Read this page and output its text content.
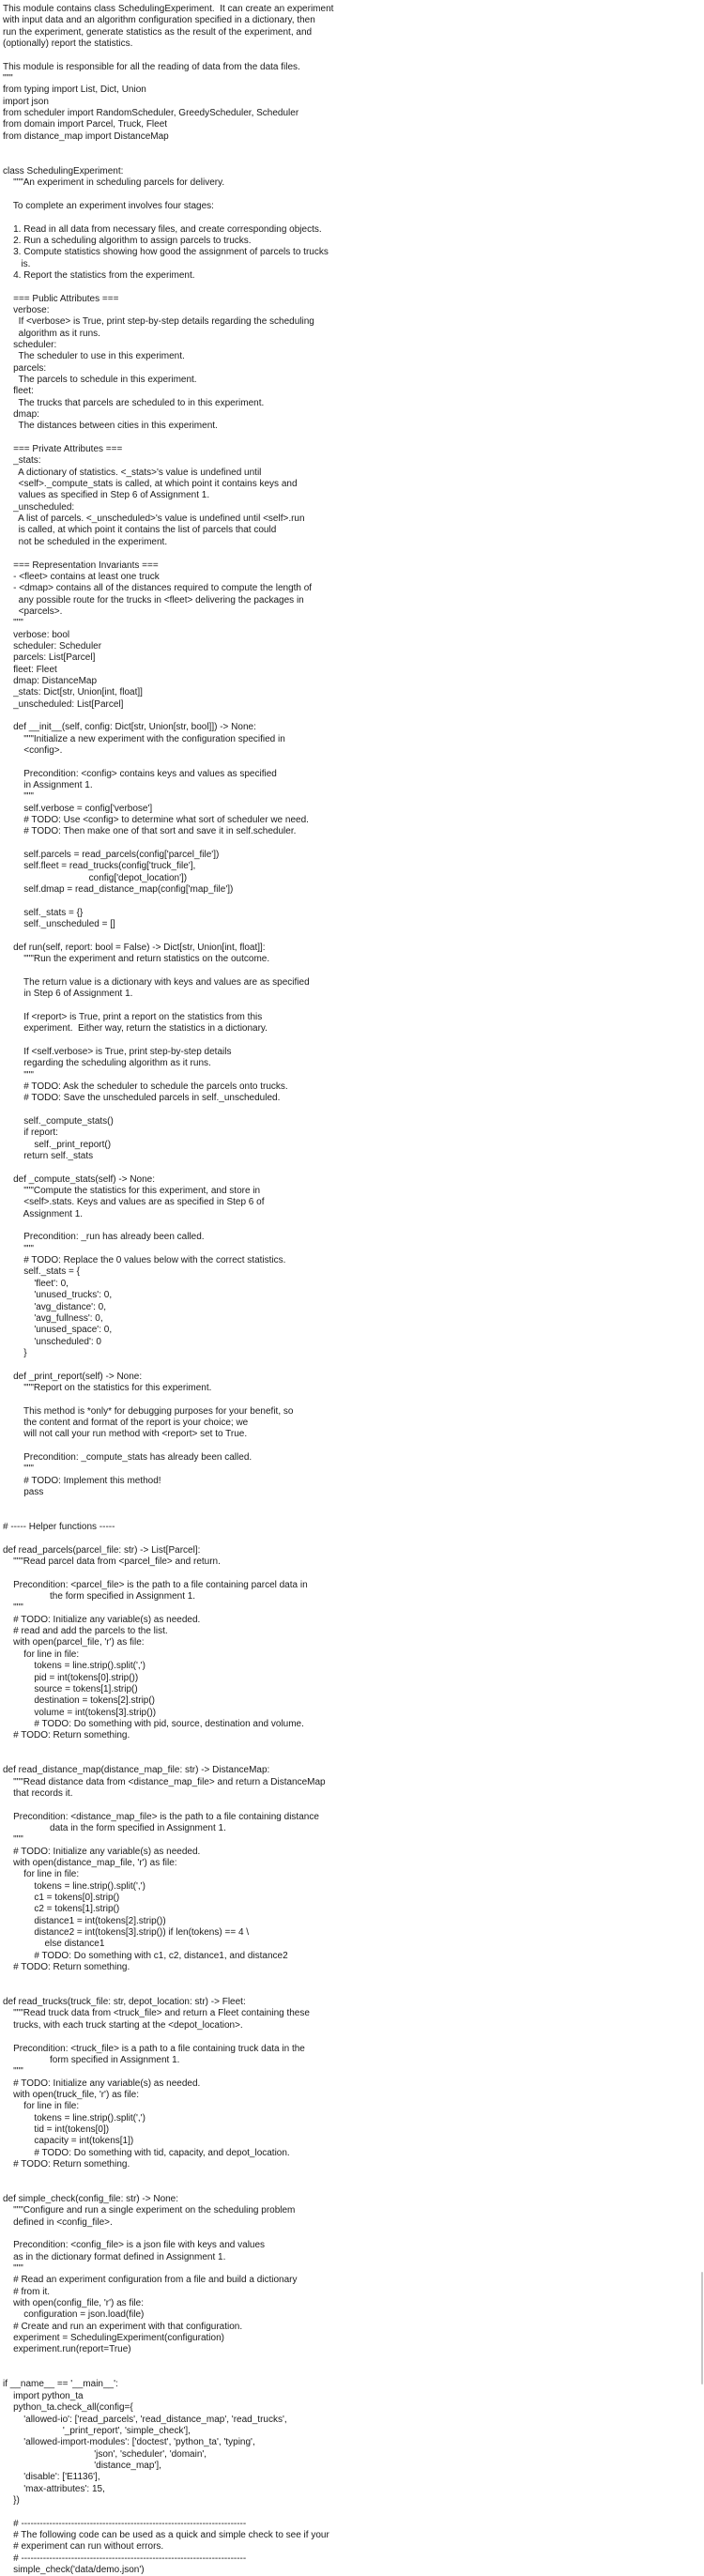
This module contains class SchedulingExperiment.  It can create an experiment
with input data and an algorithm configuration specified in a dictionary, then
run the experiment, generate statistics as the result of the experiment, and
(optionally) report the statistics.
This module is responsible for all the reading of data from the data files.
"""
from typing import List, Dict, Union
import json
from scheduler import RandomScheduler, GreedyScheduler, Scheduler
from domain import Parcel, Truck, Fleet
from distance_map import DistanceMap
class SchedulingExperiment:
"""An experiment in scheduling parcels for delivery.
To complete an experiment involves four stages:
1. Read in all data from necessary files, and create corresponding objects.
2. Run a scheduling algorithm to assign parcels to trucks.
3. Compute statistics showing how good the assignment of parcels to trucks
is.
4. Report the statistics from the experiment.
=== Public Attributes ===
verbose:
If <verbose> is True, print step-by-step details regarding the scheduling
algorithm as it runs.
scheduler:
The scheduler to use in this experiment.
parcels:
The parcels to schedule in this experiment.
fleet:
The trucks that parcels are scheduled to in this experiment.
dmap:
The distances between cities in this experiment.
=== Private Attributes ===
_stats:
A dictionary of statistics. <_stats>'s value is undefined until
<self>._compute_stats is called, at which point it contains keys and
values as specified in Step 6 of Assignment 1.
_unscheduled:
A list of parcels. <_unscheduled>'s value is undefined until <self>.run
is called, at which point it contains the list of parcels that could
not be scheduled in the experiment.
=== Representation Invariants ===
- <fleet> contains at least one truck
- <dmap> contains all of the distances required to compute the length of
any possible route for the trucks in <fleet> delivering the packages in
<parcels>.
"""
verbose: bool
scheduler: Scheduler
parcels: List[Parcel]
fleet: Fleet
dmap: DistanceMap
_stats: Dict[str, Union[int, float]]
_unscheduled: List[Parcel]
def __init__(self, config: Dict[str, Union[str, bool]]) -> None:
"""Initialize a new experiment with the configuration specified in
<config>.
Precondition: <config> contains keys and values as specified
in Assignment 1.
"""
self.verbose = config['verbose']
# TODO: Use <config> to determine what sort of scheduler we need.
# TODO: Then make one of that sort and save it in self.scheduler.
self.parcels = read_parcels(config['parcel_file'])
self.fleet = read_trucks(config['truck_file'],
config['depot_location'])
self.dmap = read_distance_map(config['map_file'])
self._stats = {}
self._unscheduled = []
def run(self, report: bool = False) -> Dict[str, Union[int, float]]:
"""Run the experiment and return statistics on the outcome.
The return value is a dictionary with keys and values are as specified
in Step 6 of Assignment 1.
If <report> is True, print a report on the statistics from this
experiment.  Either way, return the statistics in a dictionary.
If <self.verbose> is True, print step-by-step details
regarding the scheduling algorithm as it runs.
"""
# TODO: Ask the scheduler to schedule the parcels onto trucks.
# TODO: Save the unscheduled parcels in self._unscheduled.
self._compute_stats()
if report:
self._print_report()
return self._stats
def _compute_stats(self) -> None:
"""Compute the statistics for this experiment, and store in
<self>.stats. Keys and values are as specified in Step 6 of
Assignment 1.
Precondition: _run has already been called.
"""
# TODO: Replace the 0 values below with the correct statistics.
self._stats = {
'fleet': 0,
'unused_trucks': 0,
'avg_distance': 0,
'avg_fullness': 0,
'unused_space': 0,
'unscheduled': 0
}
def _print_report(self) -> None:
"""Report on the statistics for this experiment.
This method is *only* for debugging purposes for your benefit, so
the content and format of the report is your choice; we
will not call your run method with <report> set to True.
Precondition: _compute_stats has already been called.
"""
# TODO: Implement this method!
pass
# ----- Helper functions -----
def read_parcels(parcel_file: str) -> List[Parcel]:
"""Read parcel data from <parcel_file> and return.
Precondition: <parcel_file> is the path to a file containing parcel data in
the form specified in Assignment 1.
"""
# TODO: Initialize any variable(s) as needed.
# read and add the parcels to the list.
with open(parcel_file, 'r') as file:
for line in file:
tokens = line.strip().split(',')
pid = int(tokens[0].strip())
source = tokens[1].strip()
destination = tokens[2].strip()
volume = int(tokens[3].strip())
# TODO: Do something with pid, source, destination and volume.
# TODO: Return something.
def read_distance_map(distance_map_file: str) -> DistanceMap:
"""Read distance data from <distance_map_file> and return a DistanceMap
that records it.
Precondition: <distance_map_file> is the path to a file containing distance
data in the form specified in Assignment 1.
"""
# TODO: Initialize any variable(s) as needed.
with open(distance_map_file, 'r') as file:
for line in file:
tokens = line.strip().split(',')
c1 = tokens[0].strip()
c2 = tokens[1].strip()
distance1 = int(tokens[2].strip())
distance2 = int(tokens[3].strip()) if len(tokens) == 4 \
else distance1
# TODO: Do something with c1, c2, distance1, and distance2
# TODO: Return something.
def read_trucks(truck_file: str, depot_location: str) -> Fleet:
"""Read truck data from <truck_file> and return a Fleet containing these
trucks, with each truck starting at the <depot_location>.
Precondition: <truck_file> is a path to a file containing truck data in the
form specified in Assignment 1.
"""
# TODO: Initialize any variable(s) as needed.
with open(truck_file, 'r') as file:
for line in file:
tokens = line.strip().split(',')
tid = int(tokens[0])
capacity = int(tokens[1])
# TODO: Do something with tid, capacity, and depot_location.
# TODO: Return something.
def simple_check(config_file: str) -> None:
"""Configure and run a single experiment on the scheduling problem
defined in <config_file>.
Precondition: <config_file> is a json file with keys and values
as in the dictionary format defined in Assignment 1.
"""
# Read an experiment configuration from a file and build a dictionary
# from it.
with open(config_file, 'r') as file:
configuration = json.load(file)
# Create and run an experiment with that configuration.
experiment = SchedulingExperiment(configuration)
experiment.run(report=True)
if __name__ == '__main__':
import python_ta
python_ta.check_all(config={
'allowed-io': ['read_parcels', 'read_distance_map', 'read_trucks',
'_print_report', 'simple_check'],
'allowed-import-modules': ['doctest', 'python_ta', 'typing',
'json', 'scheduler', 'domain',
'distance_map'],
'disable': ['E1136'],
'max-attributes': 15,
})
# ------------------------------------------------------------------------
# The following code can be used as a quick and simple check to see if your
# experiment can run without errors.
# ------------------------------------------------------------------------
simple_check('data/demo.json')
